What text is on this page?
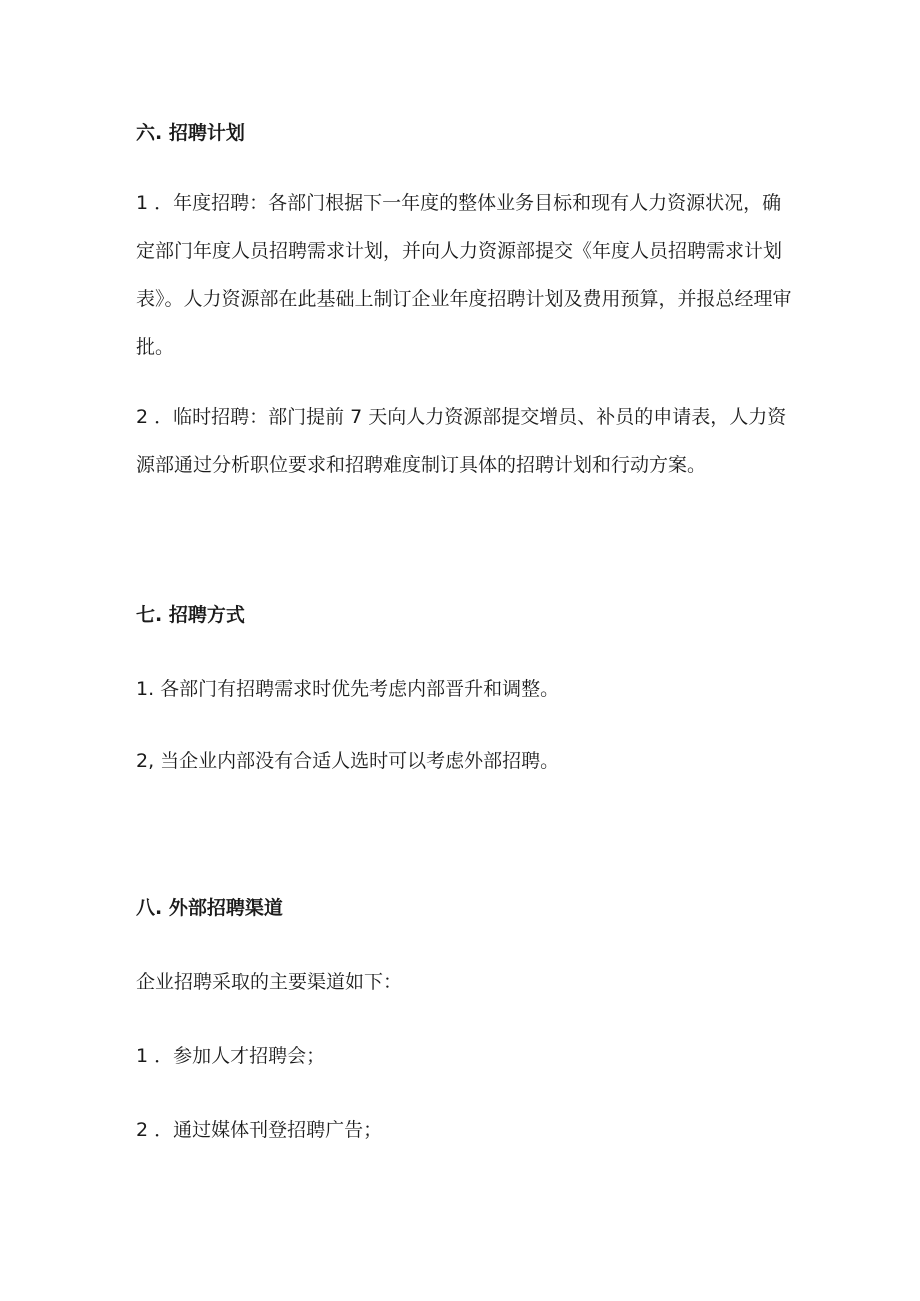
六. 招聘计划

1 ．年度招聘：各部门根据下一年度的整体业务目标和现有人力资源状况，确定部门年度人员招聘需求计划，并向人力资源部提交《年度人员招聘需求计划表》。人力资源部在此基础上制订企业年度招聘计划及费用预算，并报总经理审批。

2 ．临时招聘：部门提前 7 天向人力资源部提交增员、补员的申请表，人力资源部通过分析职位要求和招聘难度制订具体的招聘计划和行动方案。

七. 招聘方式

1. 各部门有招聘需求时优先考虑内部晋升和调整。

2, 当企业内部没有合适人选时可以考虑外部招聘。

八. 外部招聘渠道

企业招聘采取的主要渠道如下：

1 ．参加人才招聘会；

2 ．通过媒体刊登招聘广告；
